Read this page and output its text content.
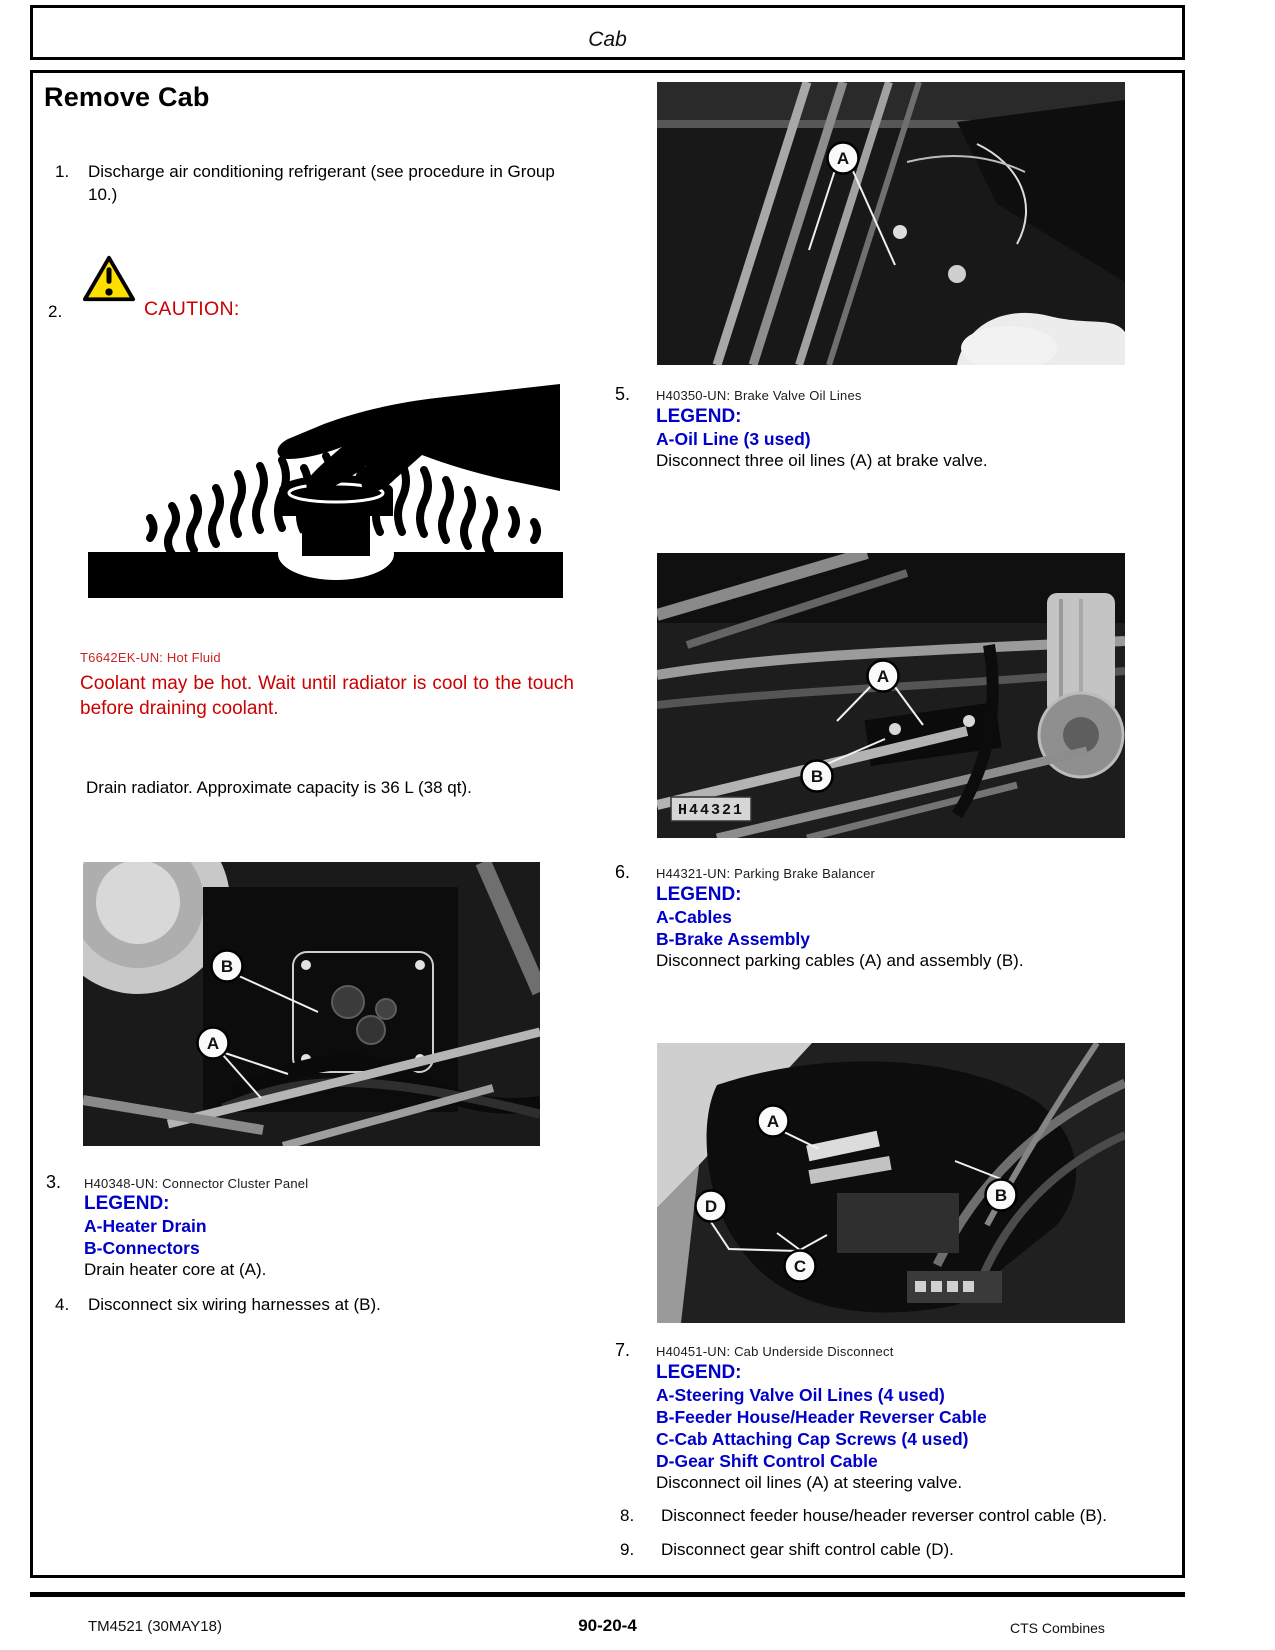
Cab
Remove Cab
1.	Discharge air conditioning refrigerant (see procedure in Group 10.)
2.	CAUTION:
T6642EK-UN: Hot Fluid
Coolant may be hot. Wait until radiator is cool to the touch before draining coolant.
Drain radiator. Approximate capacity is 36 L (38 qt).
B
A
3.	H40348-UN: Connector Cluster Panel
LEGEND:
A-Heater Drain
B-Connectors
Drain heater core at (A).
4.	Disconnect six wiring harnesses at (B).
A
5.	H40350-UN: Brake Valve Oil Lines
LEGEND:
A-Oil Line (3 used)
Disconnect three oil lines (A) at brake valve.
A
B
H44321
6.	H44321-UN: Parking Brake Balancer
LEGEND:
A-Cables
B-Brake Assembly
Disconnect parking cables (A) and assembly (B).
A
B
C
D
7.	H40451-UN: Cab Underside Disconnect
LEGEND:
A-Steering Valve Oil Lines (4 used)
B-Feeder House/Header Reverser Cable
C-Cab Attaching Cap Screws (4 used)
D-Gear Shift Control Cable
Disconnect oil lines (A) at steering valve.
8.	Disconnect feeder house/header reverser control cable (B).
9.	Disconnect gear shift control cable (D).
TM4521 (30MAY18)	90-20-4	CTS Combines
